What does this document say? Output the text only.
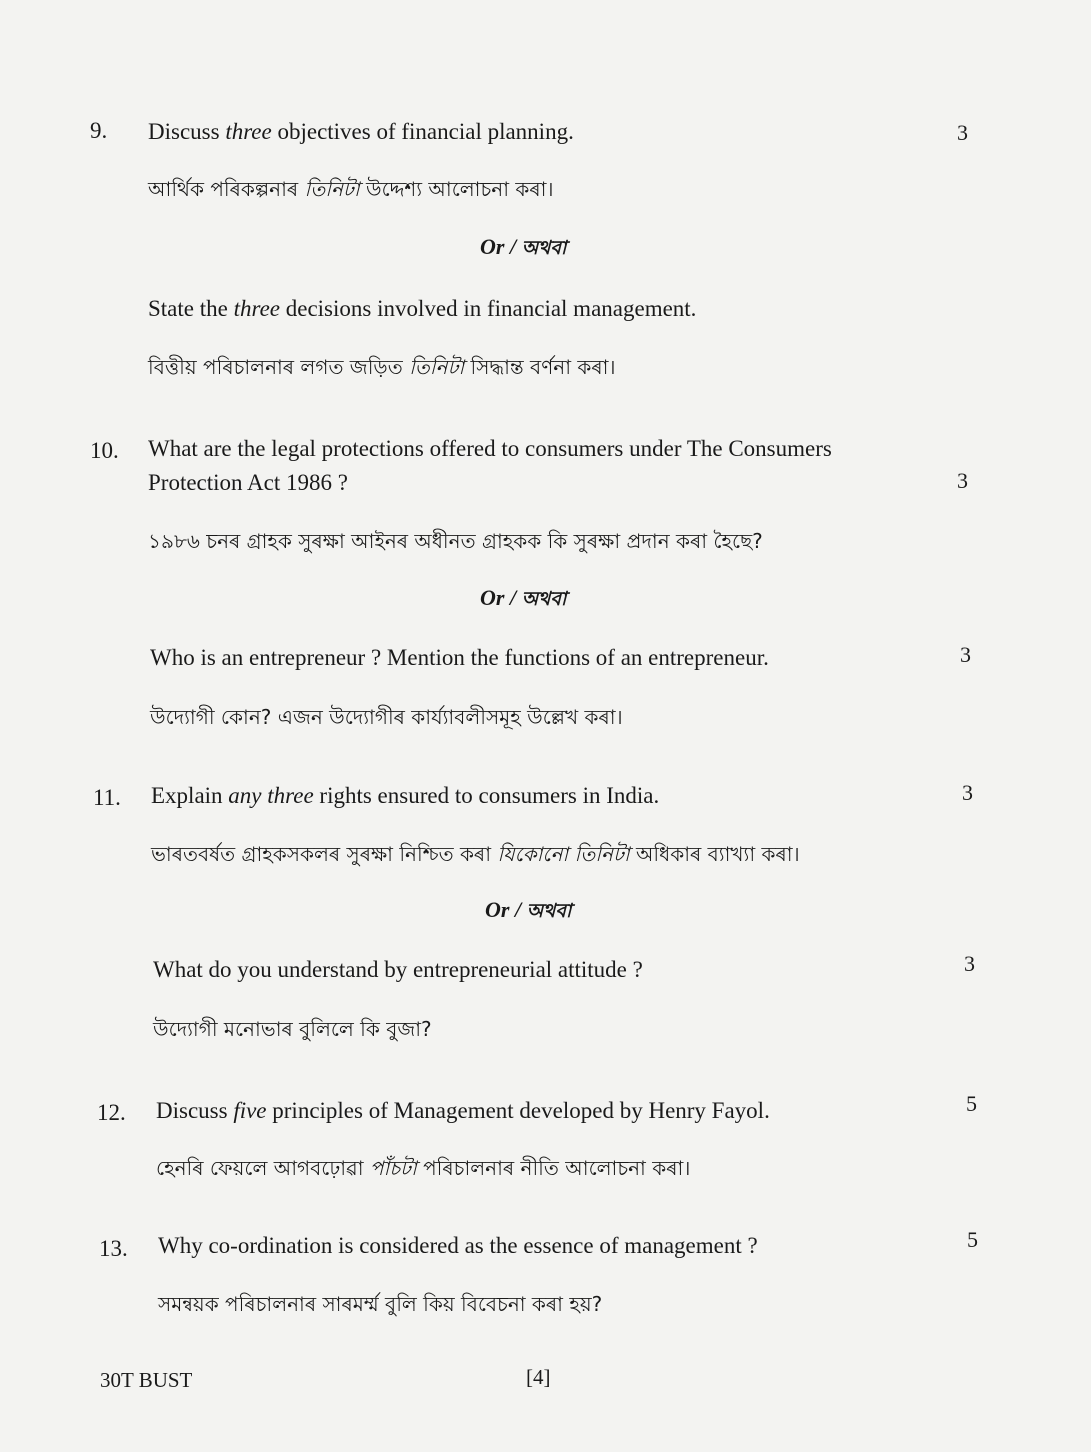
9. Discuss three objectives of financial planning.	3
আৰ্থিক পৰিকল্পনাৰ তিনিটা উদ্দেশ্য আলোচনা কৰা।
Or / অথবা
State the three decisions involved in financial management.
বিত্তীয় পৰিচালনাৰ লগত জড়িত তিনিটা সিদ্ধান্ত বৰ্ণনা কৰা।
10. What are the legal protections offered to consumers under The Consumers
Protection Act 1986 ?	3
১৯৮৬ চনৰ গ্ৰাহক সুৰক্ষা আইনৰ অধীনত গ্ৰাহকক কি সুৰক্ষা প্ৰদান কৰা হৈছে?
Or / অথবা
Who is an entrepreneur ? Mention the functions of an entrepreneur.	3
উদ্যোগী কোন? এজন উদ্যোগীৰ কাৰ্য্যাবলীসমূহ উল্লেখ কৰা।
11. Explain any three rights ensured to consumers in India.	3
ভাৰতবৰ্ষত গ্ৰাহকসকলৰ সুৰক্ষা নিশ্চিত কৰা যিকোনো তিনিটা অধিকাৰ ব্যাখ্যা কৰা।
Or / অথবা
What do you understand by entrepreneurial attitude ?	3
উদ্যোগী মনোভাৰ বুলিলে কি বুজা?
12. Discuss five principles of Management developed by Henry Fayol.	5
হেনৰি ফেয়লে আগবঢ়োৱা পাঁচটা পৰিচালনাৰ নীতি আলোচনা কৰা।
13. Why co-ordination is considered as the essence of management ?	5
সমন্বয়ক পৰিচালনাৰ সাৰমৰ্ম্ম বুলি কিয় বিবেচনা কৰা হয়?
30T BUST	[4]
